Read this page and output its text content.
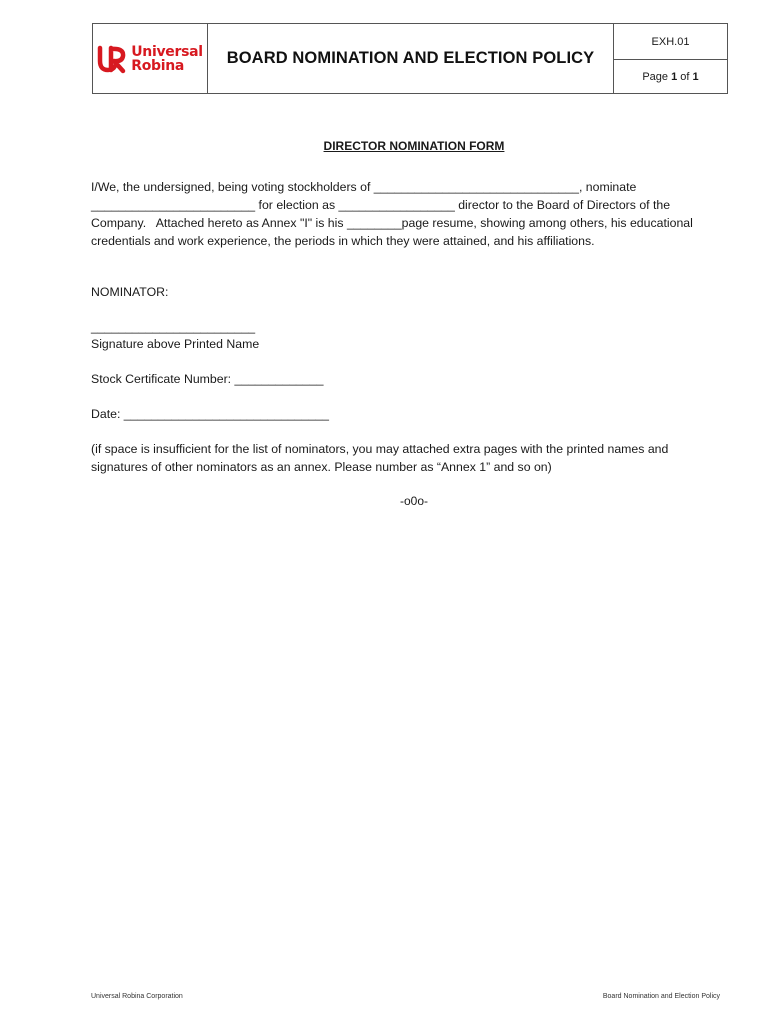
Universal
Robina	BOARD NOMINATION AND ELECTION POLICY
EXH.01
Page
1
of
1
DIRECTOR NOMINATION FORM
I/We, the undersigned, being voting stockholders of ______________________________, nominate
________________________ for election as _________________ director to the Board of Directors of the
Company.   Attached hereto as Annex "I" is his ________page resume, showing among others, his educational
credentials and work experience, the periods in which they were attained, and his affiliations.
NOMINATOR:
________________________
Signature above Printed Name
Stock Certificate Number: _____________
Date: ______________________________
(if space is insufficient for the list of nominators, you may attached extra pages with the printed names and
signatures of other nominators as an annex. Please number as “Annex 1” and so on)
-o0o-
Universal Robina Corporation	Board Nomination and Election Policy
